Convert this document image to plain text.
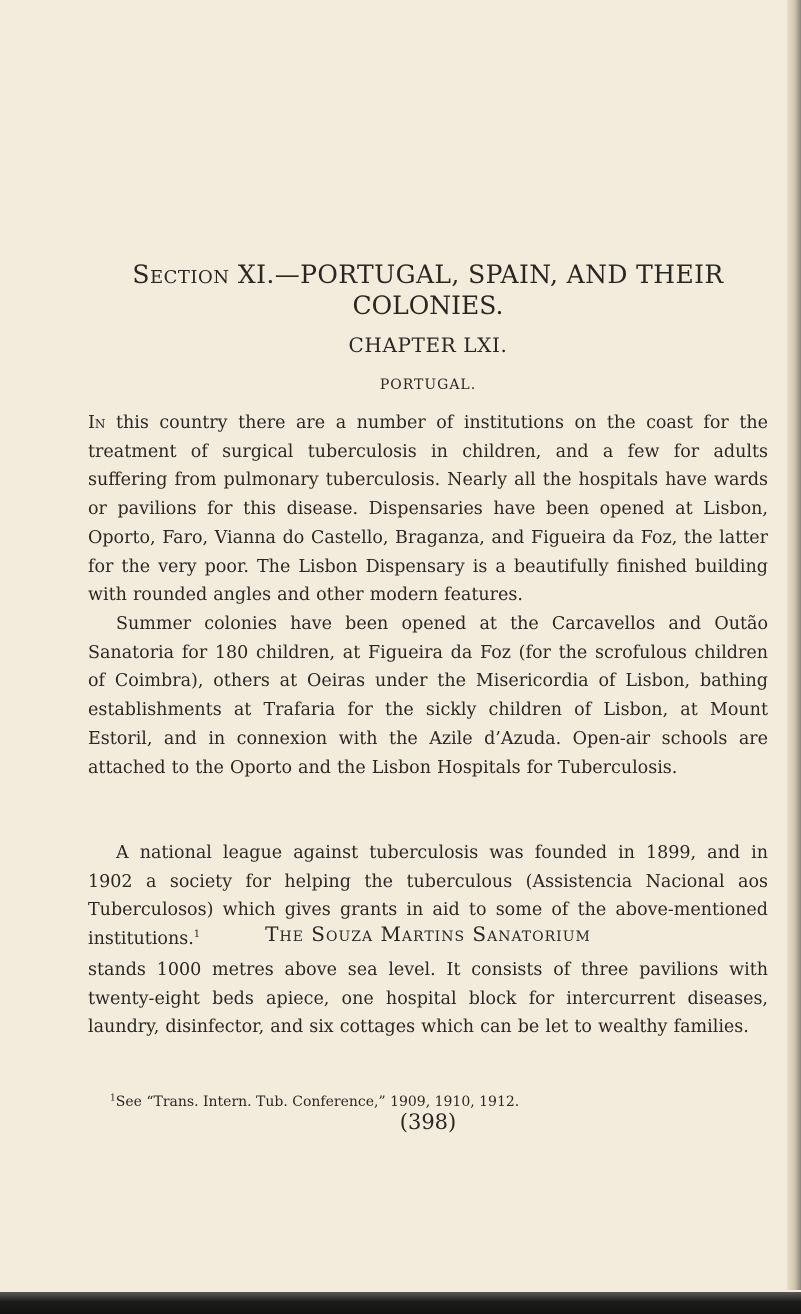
Section XI.—PORTUGAL, SPAIN, AND THEIR
COLONIES.
CHAPTER LXI.
PORTUGAL.

In this country there are a number of institutions on the coast for the treatment of surgical tuberculosis in children, and a few for adults suffering from pulmonary tuberculosis. Nearly all the hospitals have wards or pavilions for this disease. Dispensaries have been opened at Lisbon, Oporto, Faro, Vianna do Castello, Braganza, and Figueira da Foz, the latter for the very poor. The Lisbon Dispensary is a beautifully finished building with rounded angles and other modern features.

Summer colonies have been opened at the Carcavellos and Outão Sanatoria for 180 children, at Figueira da Foz (for the scrofulous children of Coimbra), others at Oeiras under the Misericordia of Lisbon, bathing establishments at Trafaria for the sickly children of Lisbon, at Mount Estoril, and in connexion with the Azile d’Azuda. Open-air schools are attached to the Oporto and the Lisbon Hospitals for Tuberculosis.

A national league against tuberculosis was founded in 1899, and in 1902 a society for helping the tuberculous (Assistencia Nacional aos Tuberculosos) which gives grants in aid to some of the above-mentioned institutions.$^1$	The Souza Martins Sanatorium

stands 1000 metres above sea level. It consists of three pavilions with twenty-eight beds apiece, one hospital block for intercurrent diseases, laundry, disinfector, and six cottages which can be let to wealthy families.

$^1$See “Trans. Intern. Tub. Conference,” 1909, 1910, 1912.

(398)
